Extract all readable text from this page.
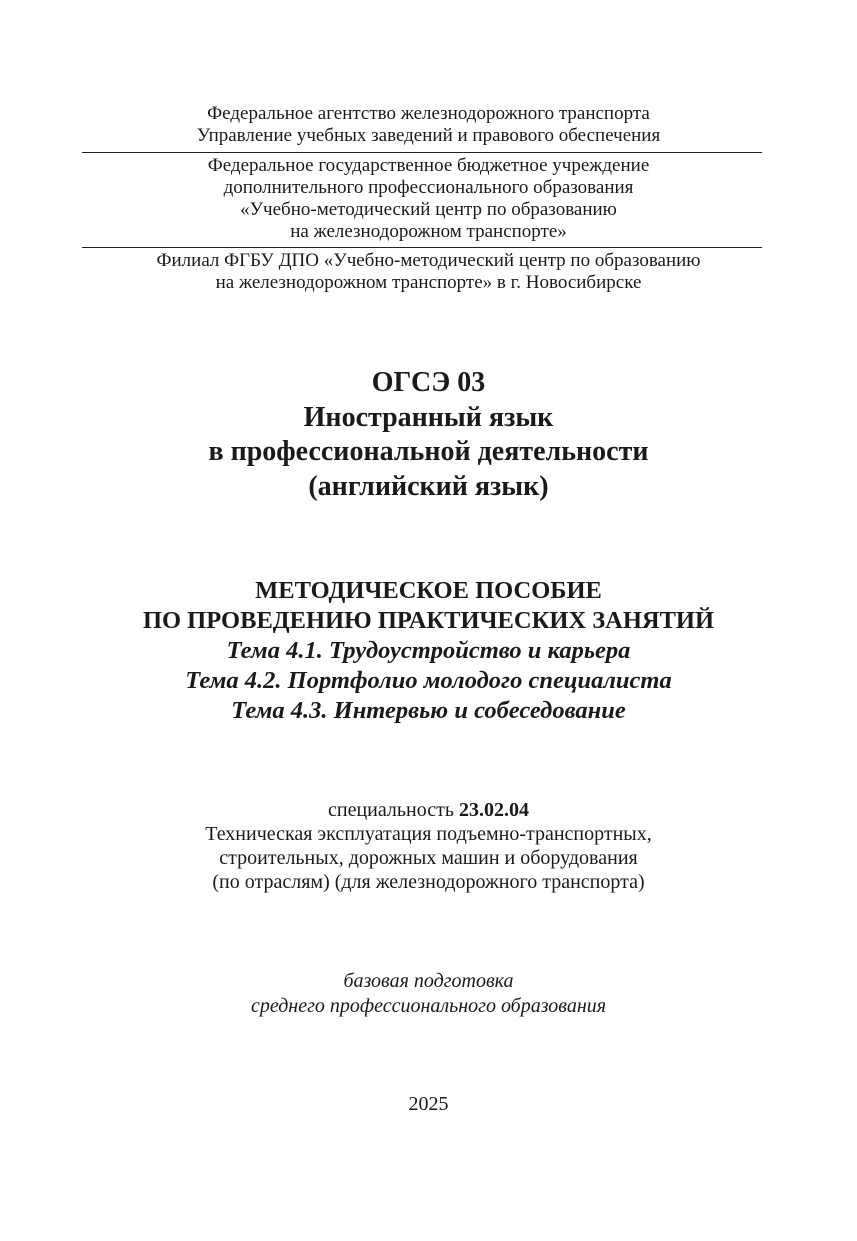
Федеральное агентство железнодорожного транспорта
Управление учебных заведений и правового обеспечения
Федеральное государственное бюджетное учреждение
дополнительного профессионального образования
«Учебно-методический центр по образованию
на железнодорожном транспорте»
Филиал ФГБУ ДПО «Учебно-методический центр по образованию
на железнодорожном транспорте» в г. Новосибирске
ОГСЭ 03
Иностранный язык
в профессиональной деятельности
(английский язык)
МЕТОДИЧЕСКОЕ ПОСОБИЕ
ПО ПРОВЕДЕНИЮ ПРАКТИЧЕСКИХ ЗАНЯТИЙ
Тема 4.1. Трудоустройство и карьера
Тема 4.2. Портфолио молодого специалиста
Тема 4.3. Интервью и собеседование
специальность 23.02.04
Техническая эксплуатация подъемно-транспортных,
строительных, дорожных машин и оборудования
(по отраслям) (для железнодорожного транспорта)
базовая подготовка
среднего профессионального образования
2025
